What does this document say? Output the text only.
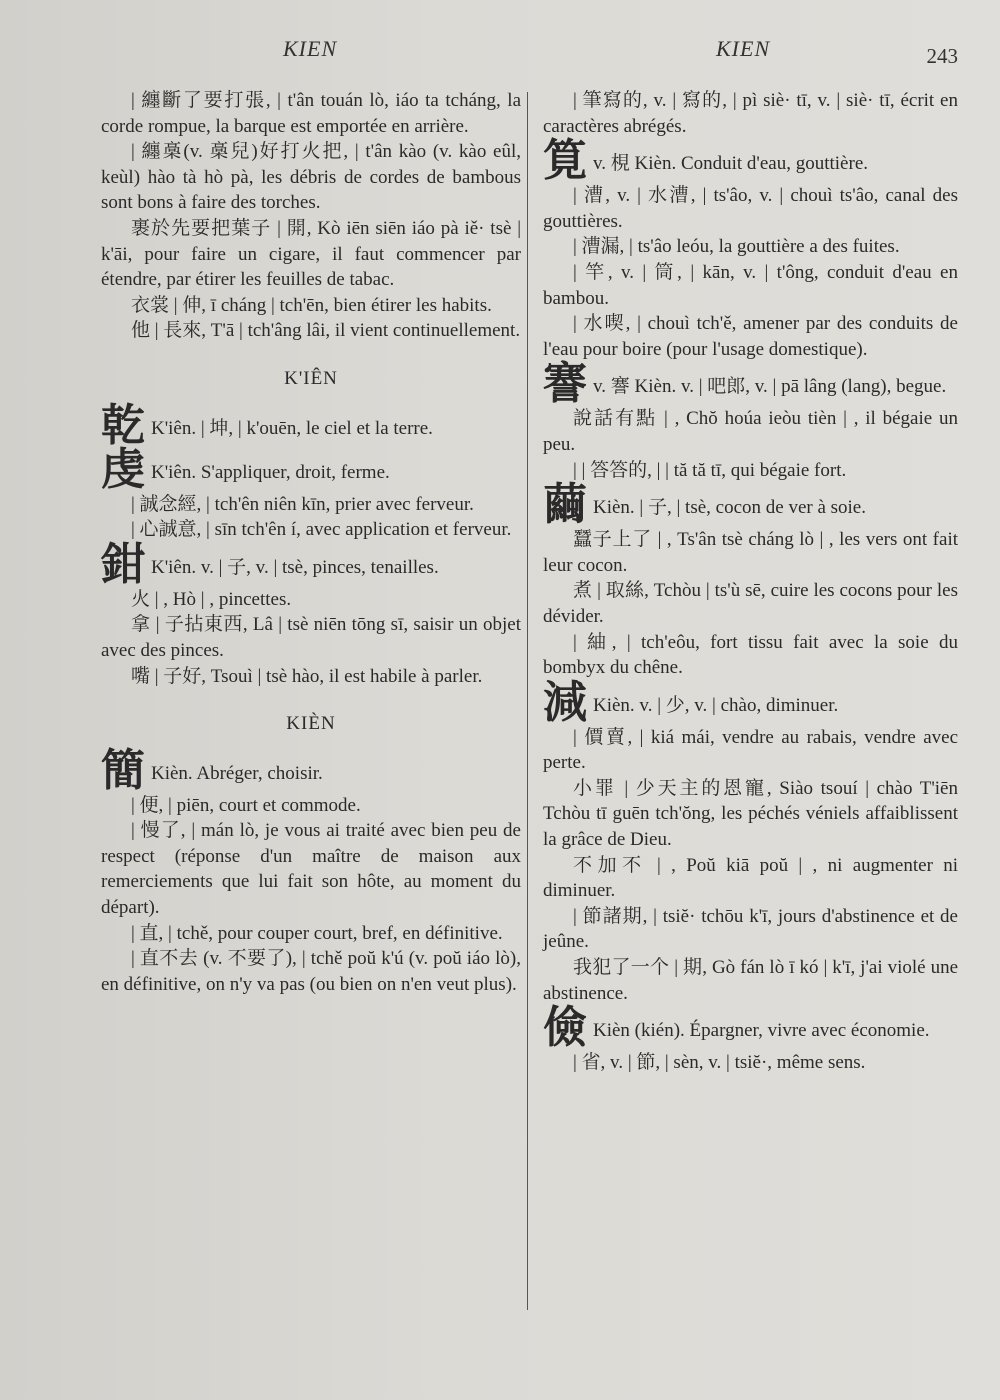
KIEN	KIEN	243

| 纏斷了要打張, | t'ân touán lò, iáo ta tcháng, la corde rompue, la barque est emportée en arrière.

| 纏槀(v. 槀兒)好打火把, | t'ân kào (v. kào eûl, keùl) hào tà hò pà, les débris de cordes de bambous sont bons à faire des torches.

裹於先要把葉子 | 開, Kò iēn siēn iáo pà iě· tsè | k'āi, pour faire un cigare, il faut commencer par étendre, par étirer les feuilles de tabac.

衣裳 | 伸, ī cháng | tch'ēn, bien étirer les habits.

他 | 長來, T'ā | tch'âng lâi, il vient continuellement.

K'IÊN

乾 K'iên. | 坤, | k'ouēn, le ciel et la terre.

虔 K'iên. S'appliquer, droit, ferme.

| 誠念經, | tch'ên niên kīn, prier avec ferveur.

| 心誠意, | sīn tch'ên í, avec application et ferveur.

鉗 K'iên. v. | 子, v. | tsè, pinces, tenailles.

火 | , Hò | , pincettes.

拿 | 子拈東西, Lâ | tsè niēn tōng sī, saisir un objet avec des pinces.

嘴 | 子好, Tsouì | tsè hào, il est habile à parler.

KIÈN

簡 Kièn. Abréger, choisir.

| 便, | piēn, court et commode.

| 慢了, | mán lò, je vous ai traité avec bien peu de respect (réponse d'un maître de maison aux remerciements que lui fait son hôte, au moment du départ).

| 直, | tchě, pour couper court, bref, en définitive.

| 直不去 (v. 不要了), | tchě poŭ k'ú (v. poŭ iáo lò), en définitive, on n'y va pas (ou bien on n'en veut plus).

| 筆寫的, v. | 寫的, | pì siè· tī, v. | siè· tī, écrit en caractères abrégés.

筧v. 梘 Kièn. Conduit d'eau, gouttière.

| 漕, v. | 水漕, | ts'âo, v. | chouì ts'âo, canal des gouttières.

| 漕漏, | ts'âo leóu, la gouttière a des fuites.

| 竿, v. | 筒, | kān, v. | t'ông, conduit d'eau en bambou.

| 水喫, | chouì tch'ě, amener par des conduits de l'eau pour boire (pour l'usage domestique).

謇v. 謇 Kièn. v. | 吧郎, v. | pā lâng (lang), begue.

說話有點 | , Chŏ hoúa ieòu tièn | , il bégaie un peu.

| | 答答的, | | tă tă tī, qui bégaie fort.

繭 Kièn. | 子, | tsè, cocon de ver à soie.

蠶子上了 | , Ts'ân tsè cháng lò | , les vers ont fait leur cocon.

煮 | 取絲, Tchòu | ts'ù sē, cuire les cocons pour les dévider.

| 紬, | tch'eôu, fort tissu fait avec la soie du bombyx du chêne.

減 Kièn. v. | 少, v. | chào, diminuer.

| 價賣, | kiá mái, vendre au rabais, vendre avec perte.

小罪 | 少天主的恩寵, Siào tsouí | chào T'iēn Tchòu tī guēn tch'ŏng, les péchés véniels affaiblissent la grâce de Dieu.

不加不 | , Poŭ kiā poŭ | , ni augmenter ni diminuer.

| 節諸期, | tsiĕ· tchōu k'ī, jours d'abstinence et de jeûne.

我犯了一个 | 期, Gò fán lò ī kó | k'ī, j'ai violé une abstinence.

儉 Kièn (kién). Épargner, vivre avec économie.

| 省, v. | 節, | sèn, v. | tsiĕ·, même sens.
